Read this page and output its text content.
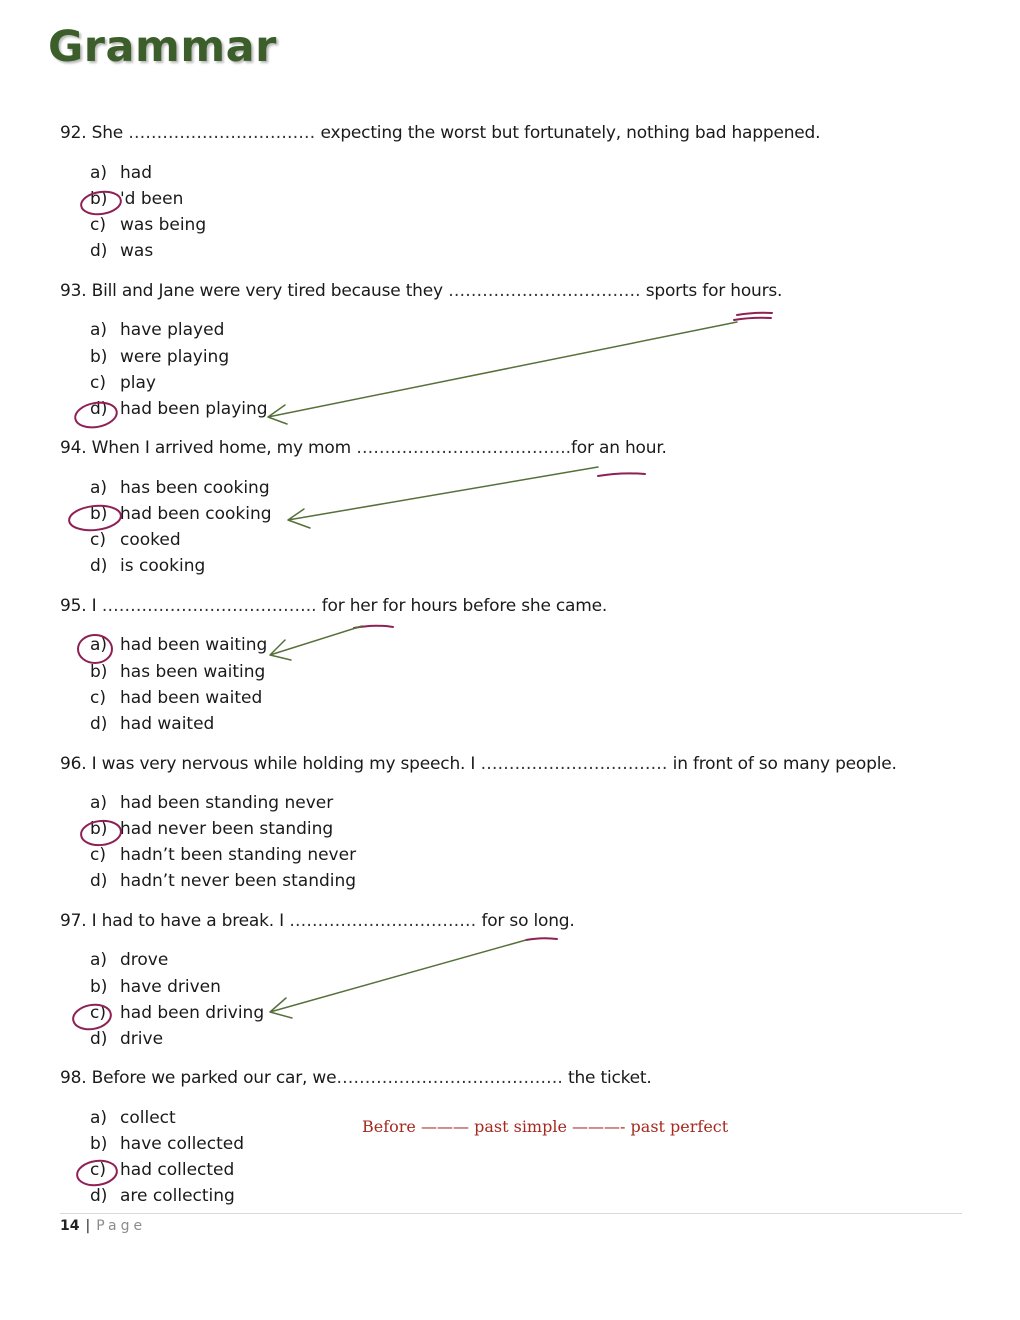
Grammar
92. She …………………………… expecting the worst but fortunately, nothing bad happened.
a) had
b) 'd been
c) was being
d) was
93. Bill and Jane were very tired because they ……………………………. sports for hours.
a) have played
b) were playing
c) play
d) had been playing
94. When I arrived home, my mom ………………………………..for an hour.
a) has been cooking
b) had been cooking
c) cooked
d) is cooking
95. I ……………………………….. for her for hours before she came.
a) had been waiting
b) has been waiting
c) had been waited
d) had waited
96. I was very nervous while holding my speech. I …………………………… in front of so many people.
a) had been standing never
b) had never been standing
c) hadn’t been standing never
d) hadn’t never been standing
97. I had to have a break. I …………………………… for so long.
a) drove
b) have driven
c) had been driving
d) drive
98. Before we parked our car, we…………………………………. the ticket.
a) collect
b) have collected
c) had collected
d) are collecting
Before ——— past simple ———- past perfect
14 | Page
